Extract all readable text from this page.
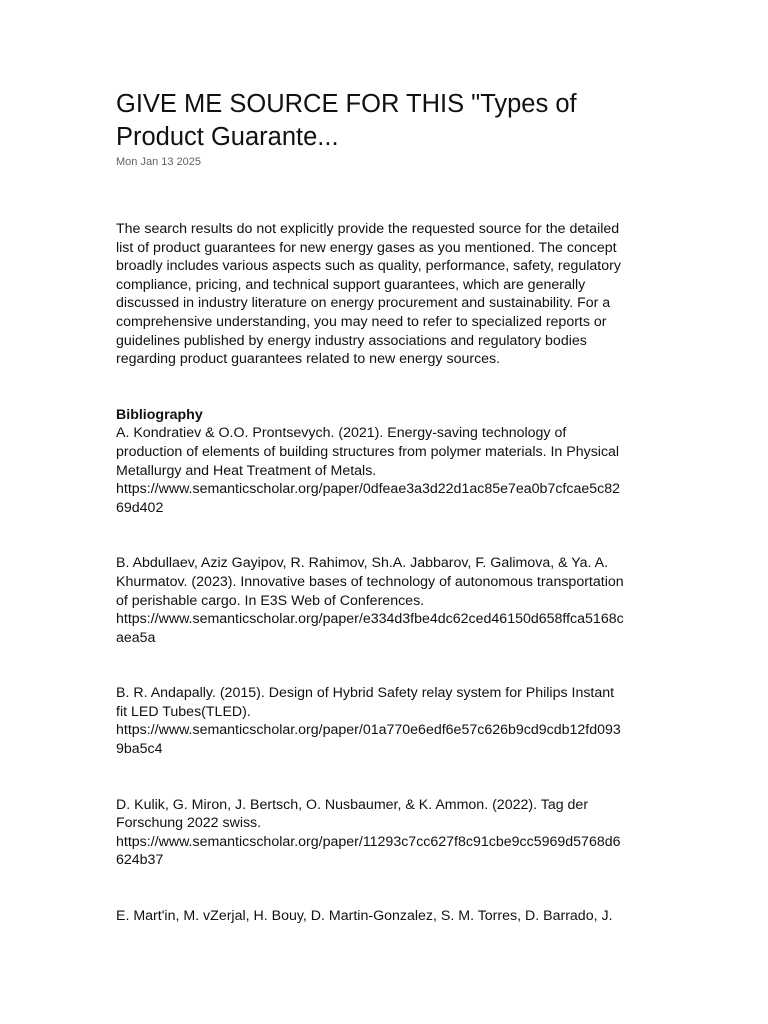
GIVE ME SOURCE FOR THIS "Types of Product Guarante...
Mon Jan 13 2025
The search results do not explicitly provide the requested source for the detailed
list of product guarantees for new energy gases as you mentioned. The concept
broadly includes various aspects such as quality, performance, safety, regulatory
compliance, pricing, and technical support guarantees, which are generally
discussed in industry literature on energy procurement and sustainability. For a
comprehensive understanding, you may need to refer to specialized reports or
guidelines published by energy industry associations and regulatory bodies
regarding product guarantees related to new energy sources.
Bibliography
A. Kondratiev & O.O. Prontsevych. (2021). Energy-saving technology of
production of elements of building structures from polymer materials. In Physical
Metallurgy and Heat Treatment of Metals.
https://www.semanticscholar.org/paper/0dfeae3a3d22d1ac85e7ea0b7cfcae5c82
69d402
B. Abdullaev, Aziz Gayipov, R. Rahimov, Sh.A. Jabbarov, F. Galimova, & Ya. A.
Khurmatov. (2023). Innovative bases of technology of autonomous transportation
of perishable cargo. In E3S Web of Conferences.
https://www.semanticscholar.org/paper/e334d3fbe4dc62ced46150d658ffca5168c
aea5a
B. R. Andapally. (2015). Design of Hybrid Safety relay system for Philips Instant
fit LED Tubes(TLED).
https://www.semanticscholar.org/paper/01a770e6edf6e57c626b9cd9cdb12fd093
9ba5c4
D. Kulik, G. Miron, J. Bertsch, O. Nusbaumer, & K. Ammon. (2022). Tag der
Forschung 2022 swiss.
https://www.semanticscholar.org/paper/11293c7cc627f8c91cbe9cc5969d5768d6
624b37
E. Mart'in, M. vZerjal, H. Bouy, D. Martin-Gonzalez, S. M. Torres, D. Barrado, J.
